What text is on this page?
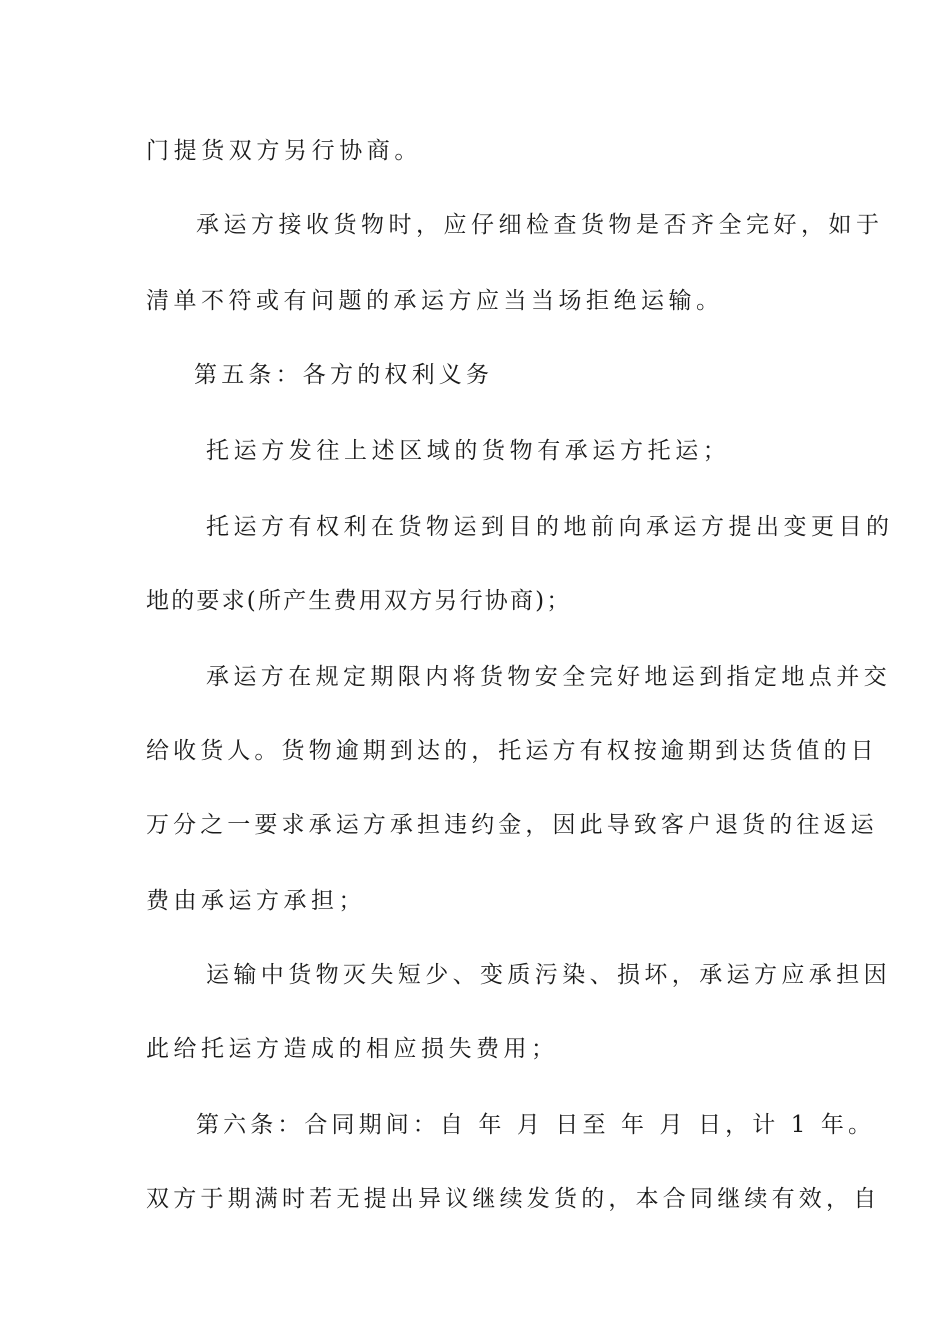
门提货双方另行协商。
承运方接收货物时，应仔细检查货物是否齐全完好，如于
清单不符或有问题的承运方应当当场拒绝运输。
第五条：各方的权利义务
托运方发往上述区域的货物有承运方托运；
托运方有权利在货物运到目的地前向承运方提出变更目的
地的要求(所产生费用双方另行协商)；
承运方在规定期限内将货物安全完好地运到指定地点并交
给收货人。货物逾期到达的，托运方有权按逾期到达货值的日
万分之一要求承运方承担违约金，因此导致客户退货的往返运
费由承运方承担；
运输中货物灭失短少、变质污染、损坏，承运方应承担因
此给托运方造成的相应损失费用；
第六条：合同期间：自 年 月 日至 年 月 日，计 1 年。
双方于期满时若无提出异议继续发货的，本合同继续有效，自
